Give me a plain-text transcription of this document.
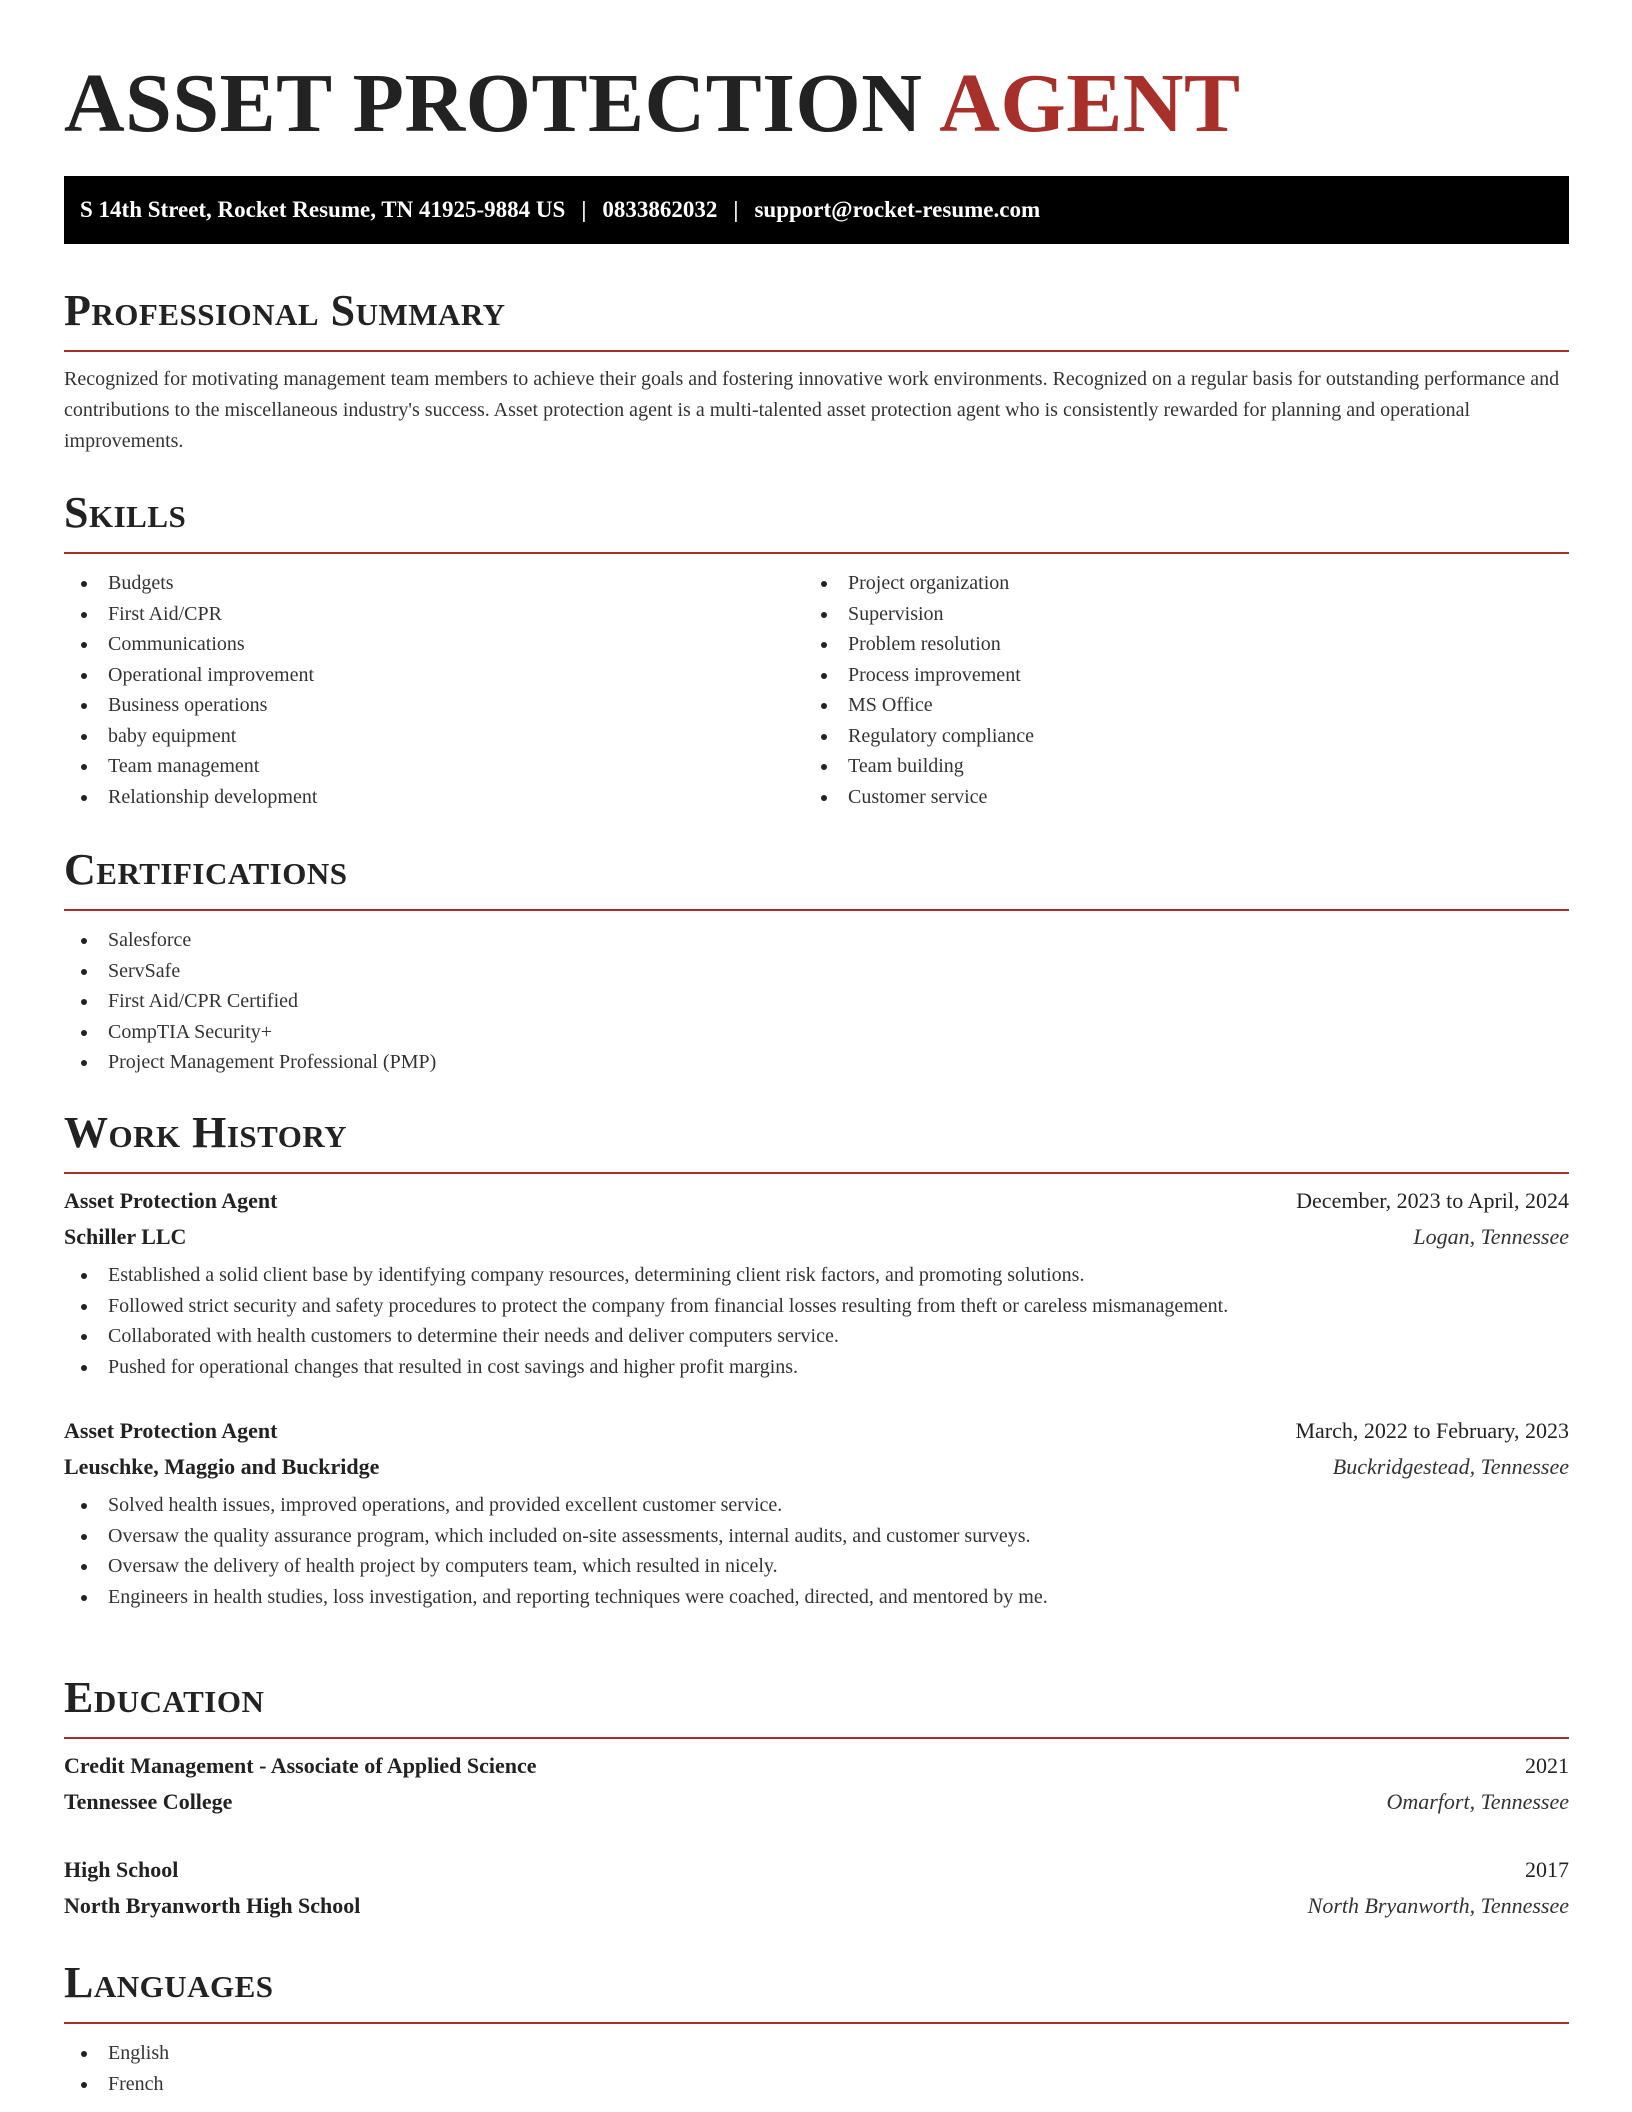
ASSET PROTECTION AGENT
S 14th Street, Rocket Resume, TN 41925-9884 US | 0833862032 | support@rocket-resume.com
Professional Summary

Recognized for motivating management team members to achieve their goals and fostering innovative work environments. Recognized on a regular basis for outstanding performance and contributions to the miscellaneous industry's success. Asset protection agent is a multi-talented asset protection agent who is consistently rewarded for planning and operational improvements.

Skills
Budgets
First Aid/CPR
Communications
Operational improvement
Business operations
baby equipment
Team management
Relationship development
Project organization
Supervision
Problem resolution
Process improvement
MS Office
Regulatory compliance
Team building
Customer service
Certifications
Salesforce
ServSafe
First Aid/CPR Certified
CompTIA Security+
Project Management Professional (PMP)
Work History
Asset Protection Agent	December, 2023 to April, 2024
Schiller LLC	Logan, Tennessee
Established a solid client base by identifying company resources, determining client risk factors, and promoting solutions.
Followed strict security and safety procedures to protect the company from financial losses resulting from theft or careless mismanagement.
Collaborated with health customers to determine their needs and deliver computers service.
Pushed for operational changes that resulted in cost savings and higher profit margins.
Asset Protection Agent	March, 2022 to February, 2023
Leuschke, Maggio and Buckridge	Buckridgestead, Tennessee
Solved health issues, improved operations, and provided excellent customer service.
Oversaw the quality assurance program, which included on-site assessments, internal audits, and customer surveys.
Oversaw the delivery of health project by computers team, which resulted in nicely.
Engineers in health studies, loss investigation, and reporting techniques were coached, directed, and mentored by me.
Education
Credit Management - Associate of Applied Science	2021
Tennessee College	Omarfort, Tennessee
High School	2017
North Bryanworth High School	North Bryanworth, Tennessee
Languages
English
French
